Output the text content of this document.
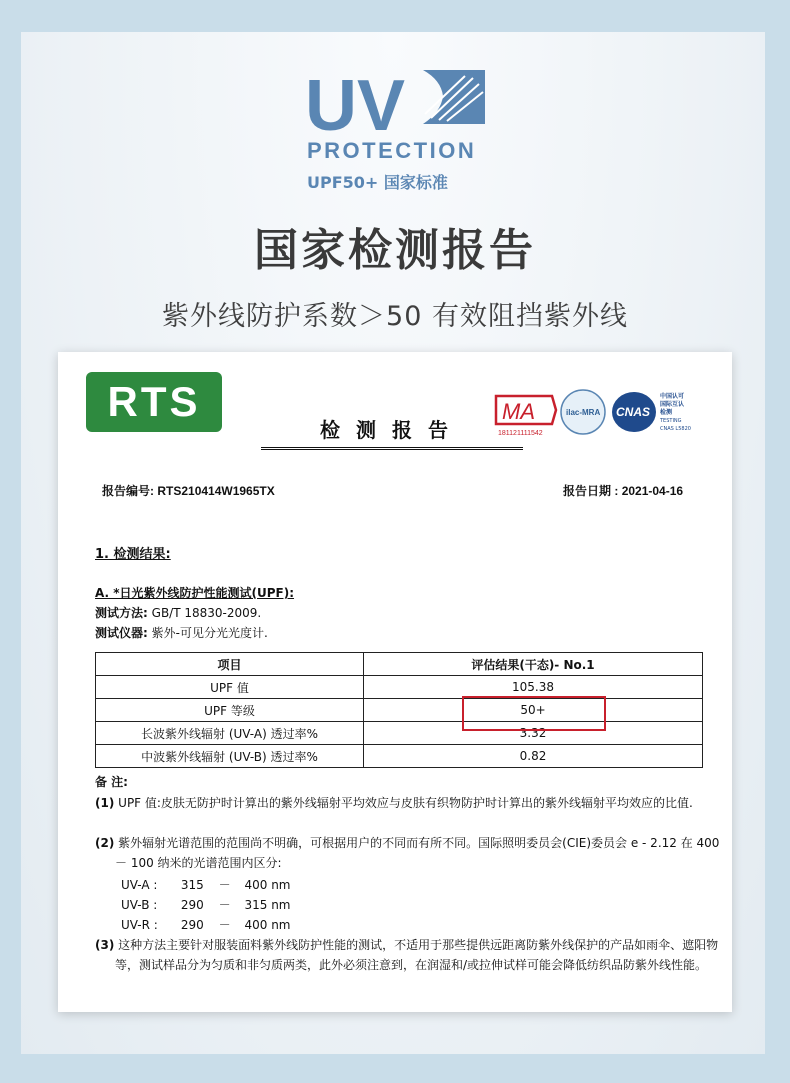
UV
PROTECTION
UPF50+ 国家标准
国家检测报告
紫外线防护系数＞50 有效阻挡紫外线
RTS
检测报告
MA
181121111542
ilac-MRA CNAS
中国认可
国际互认
检测
TESTING
CNAS L5820
报告编号: RTS210414W1965TX	报告日期 : 2021-04-16
1. 检测结果:
A. *日光紫外线防护性能测试(UPF):
测试方法: GB/T 18830-2009.
测试仪器: 紫外-可见分光光度计.
项目	评估结果(干态)- No.1
UPF 值	105.38
UPF 等级	50+
长波紫外线辐射 (UV-A) 透过率%	3.32
中波紫外线辐射 (UV-B) 透过率%	0.82
备 注:
(1) UPF 值:皮肤无防护时计算出的紫外线辐射平均效应与皮肤有织物防护时计算出的紫外线辐射平均效应的比值.
(2) 紫外辐射光谱范围的范围尚不明确，可根据用户的不同而有所不同。国际照明委员会(CIE)委员会 e - 2.12 在 400 － 100 纳米的光谱范围内区分:
UV-A : 315 － 400 nm
UV-B : 290 － 315 nm
UV-R : 290 － 400 nm
(3) 这种方法主要针对服装面料紫外线防护性能的测试，不适用于那些提供远距离防紫外线保护的产品如雨伞、遮阳物等，测试样品分为匀质和非匀质两类，此外必须注意到，在润湿和/或拉伸试样可能会降低纺织品防紫外线性能。
